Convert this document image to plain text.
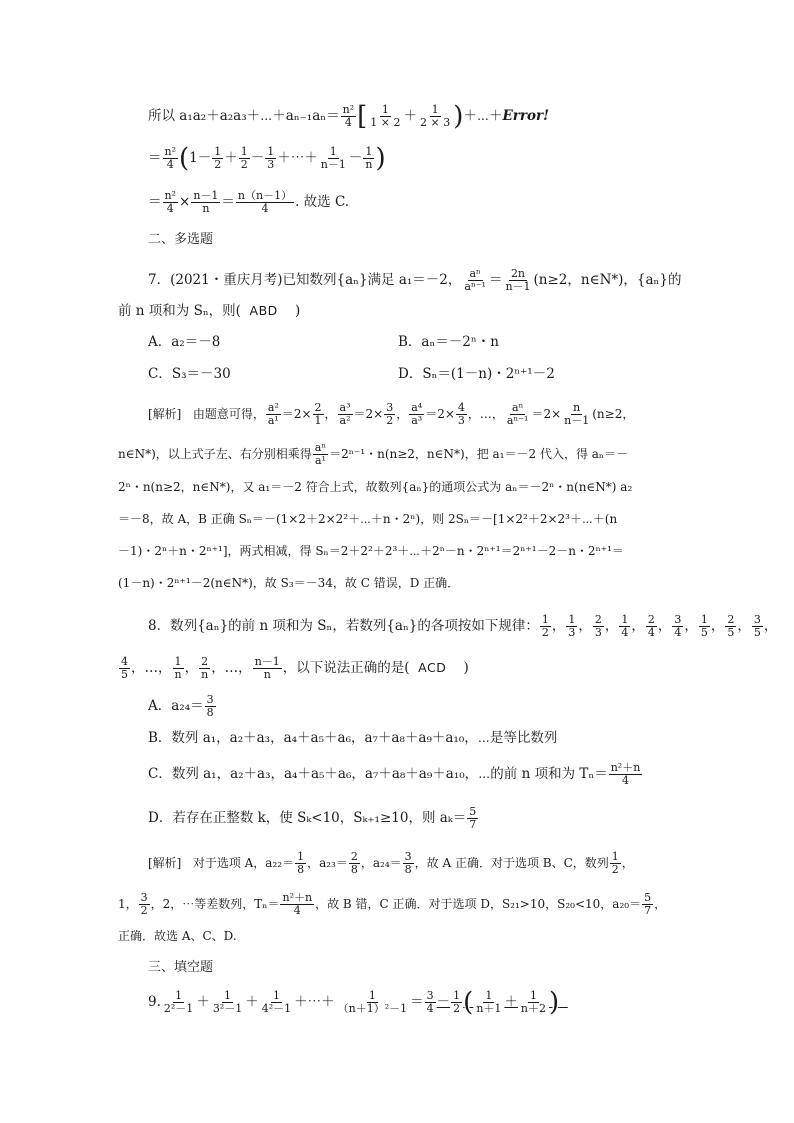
所以 a₁a₂＋a₂a₃＋⋯＋aₙ₋₁aₙ＝ $\frac{\text{n²}}{4}$ [ $\frac{1}{1 \times 2} + \frac{1}{2 \times 3}$ )＋⋯＋Error!
＝ $\frac{\text{n²}}{4} (1- \frac{1}{2} + \frac{1}{2} - \frac{1}{3}$ ＋⋯＋ $\frac{1}{n-1} - \frac{1}{n}$ )
＝ $\frac{\text{n²}}{4} \times \frac{n-1}{n} = \frac{n(n-1)}{4}$ . 故选 C.
二、多选题
7．(2021・重庆月考)已知数列{aₙ}满足 a₁＝－2， $\frac{\text{aⁿ}}{\text{aⁿ⁻¹}} = \frac{2n}{n-1} (n\ge 2$，n∈N*)，{aₙ}的
前 n 项和为 Sₙ，则( ABD )
A．a₂＝－8	B．aₙ＝－2ⁿ・n
C．S₃＝－30	D．Sₙ＝(1－n)・2ⁿ⁺¹－2
[解析] 由题意可得， $\frac{\text{a²}}{\text{a¹}} =2\times \frac{2}{1}$ ， $\frac{\text{a³}}{\text{a²}} =2\times \frac{3}{2}$ ， $\frac{\text{a⁴}}{\text{a³}} =2\times \frac{4}{3}$ ，…， $\frac{\text{aⁿ}}{\text{aⁿ⁻¹}} =2\times \frac{n}{n-1} (n\ge 2$，
n∈N*)，以上式子左、右分别相乘得 $\frac{\text{aⁿ}}{\text{a¹}} =2^{n-1}$・n(n≥2，n∈N*)，把 a₁＝－2 代入，得 aₙ＝－
2ⁿ・n(n≥2，n∈N*)，又 a₁＝－2 符合上式，故数列{aₙ}的通项公式为 aₙ＝－2ⁿ・n(n∈N*) a₂
＝－8，故 A，B 正确 Sₙ＝－(1×2＋2×2²＋⋯＋n・2ⁿ)，则 2Sₙ＝－[1×2²＋2×2³＋⋯＋(n
－1)・2ⁿ＋n・2ⁿ⁺¹]，两式相减，得 Sₙ＝2＋2²＋2³＋⋯＋2ⁿ－n・2ⁿ⁺¹＝2ⁿ⁺¹－2－n・2ⁿ⁺¹＝
(1－n)・2ⁿ⁺¹－2(n∈N*)，故 S₃＝－34，故 C 错误，D 正确．
8．数列{aₙ}的前 n 项和为 Sₙ，若数列{aₙ}的各项按如下规律： $\frac{1}{2}$ ， $\frac{1}{3}$ ， $\frac{2}{3}$ ， $\frac{1}{4}$ ， $\frac{2}{4}$ ， $\frac{3}{4}$ ， $\frac{1}{5}$ ， $\frac{2}{5}$ ， $\frac{3}{5}$ ，
$\frac{4}{5}$ ，…， $\frac{1}{n}$ ， $\frac{2}{n}$ ，…， $\frac{n-1}{n}$ ，以下说法正确的是( ACD )
A．$a_{24}= \frac{3}{8}$
B．数列 a₁，a₂＋a₃，a₄＋a₅＋a₆，a₇＋a₈＋a₉＋a₁₀，⋯是等比数列
C．数列 a₁，a₂＋a₃，a₄＋a₅＋a₆，a₇＋a₈＋a₉＋a₁₀，⋯的前 n 项和为 $T_n= \frac{\text{n²＋n}}{4}$
D．若存在正整数 k，使 Sₖ<10，Sₖ₊₁≥10，则 $a_k= \frac{5}{7}$
[解析] 对于选项 A，$a_{22}= \frac{1}{8}$ ，$a_{23}= \frac{2}{8}$ ，$a_{24}= \frac{3}{8}$ ，故 A 正确．对于选项 B、C，数列 $\frac{1}{2}$ ，
1， $\frac{3}{2}$ ，2，⋯等差数列，$T_n= \frac{\text{n²＋n}}{4}$ ，故 B 错，C 正确．对于选项 D，S₂₁>10，S₂₀<10，$a_{20}= \frac{5}{7}$ ，
正确．故选 A、C、D.
三、填空题
9. $\frac{1}{\text{2²－1}} + \frac{1}{\text{3²－1}} + \frac{1}{\text{4²－1}}$ ＋⋯＋ $\frac{1}{\text{（n＋1）²－1}} = \frac{3}{4} - \frac{1}{2}$ ( $\frac{1}{n+1} + \frac{1}{n+2}$ )
